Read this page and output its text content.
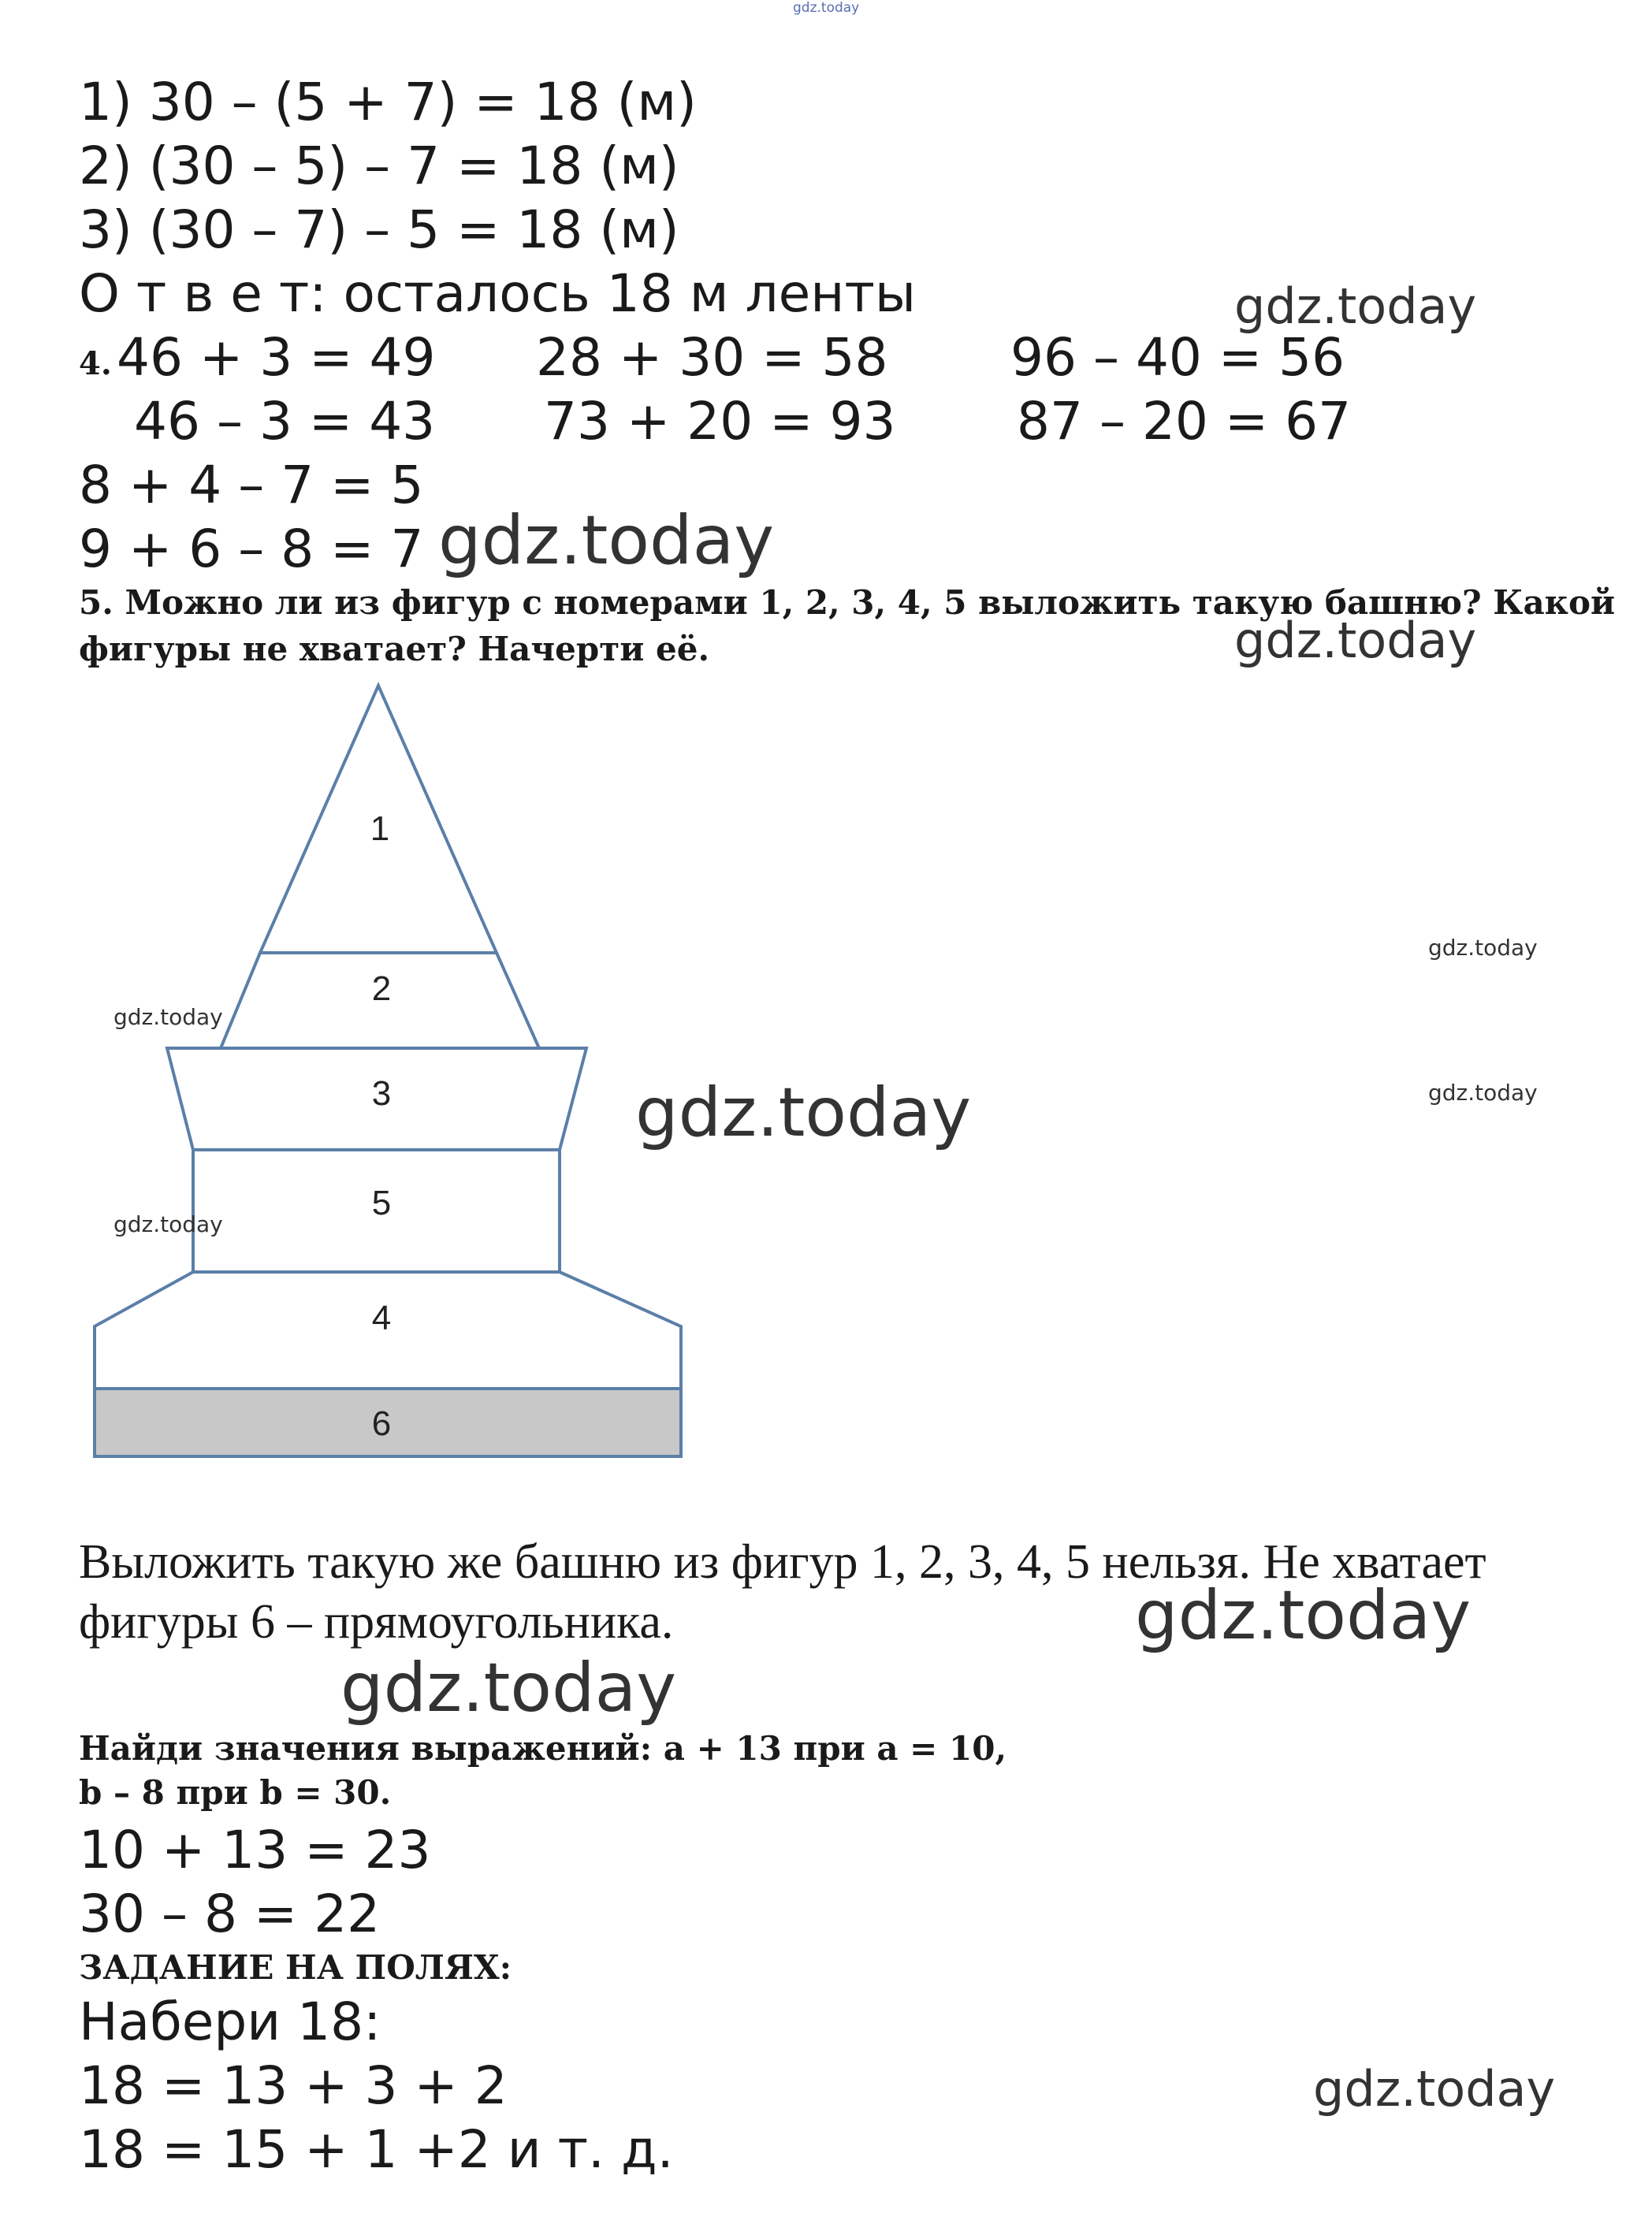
gdz.today
1) 30 – (5 + 7) = 18 (м)
2) (30 – 5) – 7 = 18 (м)
3) (30 – 7) – 5 = 18 (м)
О т в е т: осталось 18 м ленты	gdz.today
4. 46 + 3 = 49 28 + 30 = 58 96 – 40 = 56
46 – 3 = 43 73 + 20 = 93 87 – 20 = 67
8 + 4 – 7 = 5
9 + 6 – 8 = 7 gdz.today
5. Можно ли из фигур с номерами 1, 2, 3, 4, 5 выложить такую башню? Какой
фигуры не хватает? Начерти её.	gdz.today
1
2
3
5
4
6
gdz.today
gdz.today
gdz.today
gdz.today
gdz.today
Выложить такую же башню из фигур 1, 2, 3, 4, 5 нельзя. Не хватает
фигуры 6 – прямоугольника.	gdz.today
gdz.today
Найди значения выражений: a + 13 при a = 10,
b – 8 при b = 30.
10 + 13 = 23
30 – 8 = 22
ЗАДАНИЕ НА ПОЛЯХ:
Набери 18:
18 = 13 + 3 + 2
18 = 15 + 1 +2 и т. д.
gdz.today
